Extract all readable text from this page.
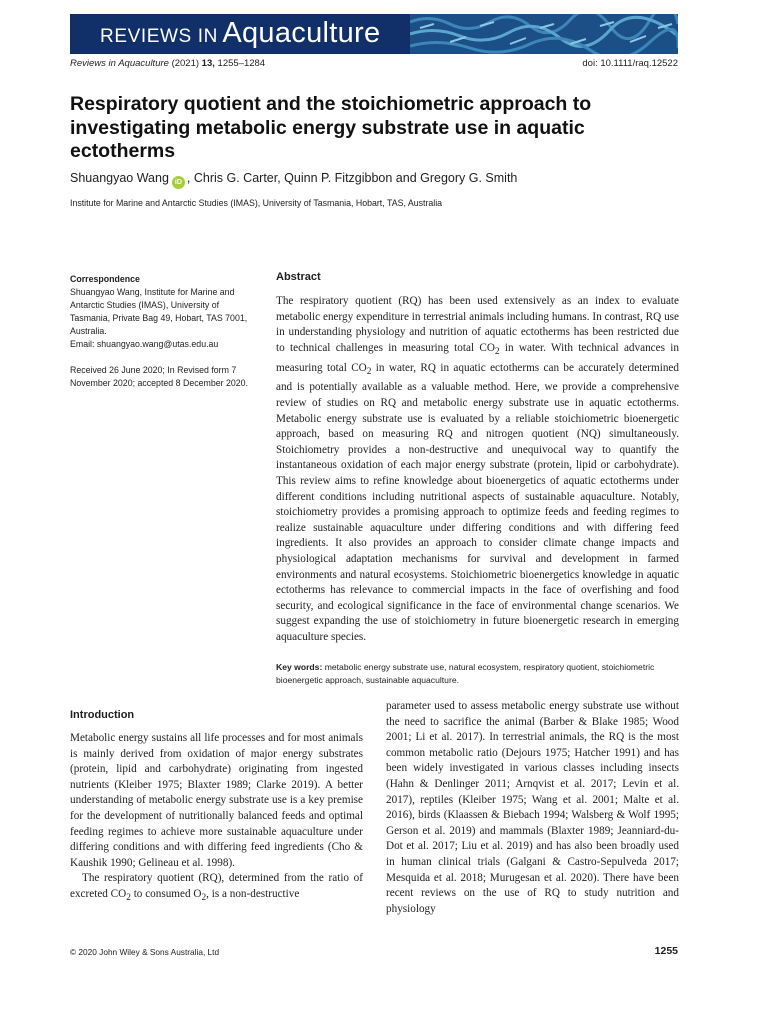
REVIEWS IN Aquaculture
Reviews in Aquaculture (2021) 13, 1255–1284	doi: 10.1111/raq.12522
Respiratory quotient and the stoichiometric approach to investigating metabolic energy substrate use in aquatic ectotherms
Shuangyao Wang iD , Chris G. Carter, Quinn P. Fitzgibbon and Gregory G. Smith
Institute for Marine and Antarctic Studies (IMAS), University of Tasmania, Hobart, TAS, Australia
Correspondence
Shuangyao Wang, Institute for Marine and Antarctic Studies (IMAS), University of Tasmania, Private Bag 49, Hobart, TAS 7001, Australia.
Email: shuangyao.wang@utas.edu.au
Received 26 June 2020; In Revised form 7 November 2020; accepted 8 December 2020.
Abstract
The respiratory quotient (RQ) has been used extensively as an index to evaluate metabolic energy expenditure in terrestrial animals including humans. In contrast, RQ use in understanding physiology and nutrition of aquatic ectotherms has been restricted due to technical challenges in measuring total $CO_2$ in water. With technical advances in measuring total $CO_2$ in water, RQ in aquatic ectotherms can be accurately determined and is potentially available as a valuable method. Here, we provide a comprehensive review of studies on RQ and metabolic energy substrate use in aquatic ectotherms. Metabolic energy substrate use is evaluated by a reliable stoichiometric bioenergetic approach, based on measuring RQ and nitrogen quotient (NQ) simultaneously. Stoichiometry provides a non-destructive and unequivocal way to quantify the instantaneous oxidation of each major energy substrate (protein, lipid or carbohydrate). This review aims to refine knowledge about bioenergetics of aquatic ectotherms under different conditions including nutritional aspects of sustainable aquaculture. Notably, stoichiometry provides a promising approach to optimize feeds and feeding regimes to realize sustainable aquaculture under differing conditions and with differing feed ingredients. It also provides an approach to consider climate change impacts and physiological adaptation mechanisms for survival and development in farmed environments and natural ecosystems. Stoichiometric bioenergetics knowledge in aquatic ectotherms has relevance to commercial impacts in the face of overfishing and food security, and ecological significance in the face of environmental change scenarios. We suggest expanding the use of stoichiometry in future bioenergetic research in emerging aquaculture species.
Key words: metabolic energy substrate use, natural ecosystem, respiratory quotient, stoichiometric bioenergetic approach, sustainable aquaculture.
Introduction

Metabolic energy sustains all life processes and for most animals is mainly derived from oxidation of major energy substrates (protein, lipid and carbohydrate) originating from ingested nutrients (Kleiber 1975; Blaxter 1989; Clarke 2019). A better understanding of metabolic energy substrate use is a key premise for the development of nutritionally balanced feeds and optimal feeding regimes to achieve more sustainable aquaculture under differing conditions and with differing feed ingredients (Cho & Kaushik 1990; Gelineau et al. 1998).

The respiratory quotient (RQ), determined from the ratio of excreted $CO_2$ to consumed $O_2$, is a non-destructive

parameter used to assess metabolic energy substrate use without the need to sacrifice the animal (Barber & Blake 1985; Wood 2001; Li et al. 2017). In terrestrial animals, the RQ is the most common metabolic ratio (Dejours 1975; Hatcher 1991) and has been widely investigated in various classes including insects (Hahn & Denlinger 2011; Arnqvist et al. 2017; Levin et al. 2017), reptiles (Kleiber 1975; Wang et al. 2001; Malte et al. 2016), birds (Klaassen & Biebach 1994; Walsberg & Wolf 1995; Gerson et al. 2019) and mammals (Blaxter 1989; Jeanniard-du-Dot et al. 2017; Liu et al. 2019) and has also been broadly used in human clinical trials (Galgani & Castro-Sepulveda 2017; Mesquida et al. 2018; Murugesan et al. 2020). There have been recent reviews on the use of RQ to study nutrition and physiology

© 2020 John Wiley & Sons Australia, Ltd	1255
